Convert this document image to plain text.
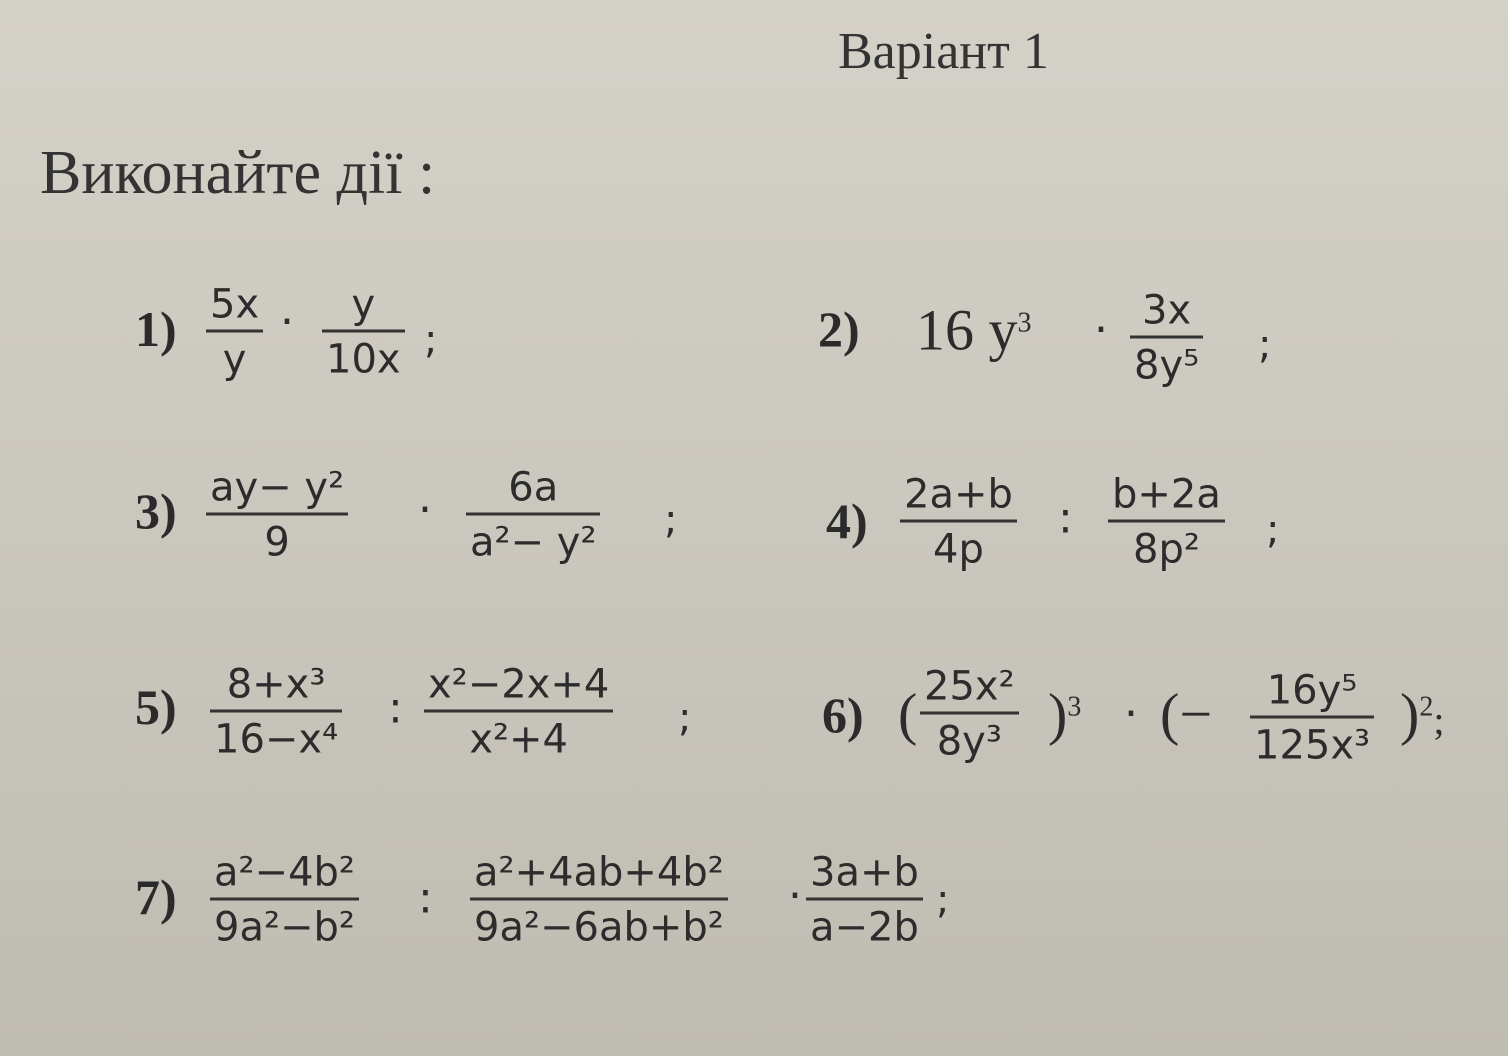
Варіант 1
Виконайте дії :
1) 5x
y
· y
10x ;	2) 16 $y^3 \cdot 3x$
8y⁵ ;
3) ay− y²
9
· 6a
a²− y² ;	4) 2a+b
4p
: b+2a
8p² ;
5) 8+x³
16−x⁴
: x²−2x+4
x²+4	;	6) ( 25x²
8y³ )$^3$ · (− 16y⁵
125x³ )$^2$;
7) a²−4b²
9a²−b²
: a²+4ab+4b²
9a²−6ab+b²
· 3a+b
a−2b
;
